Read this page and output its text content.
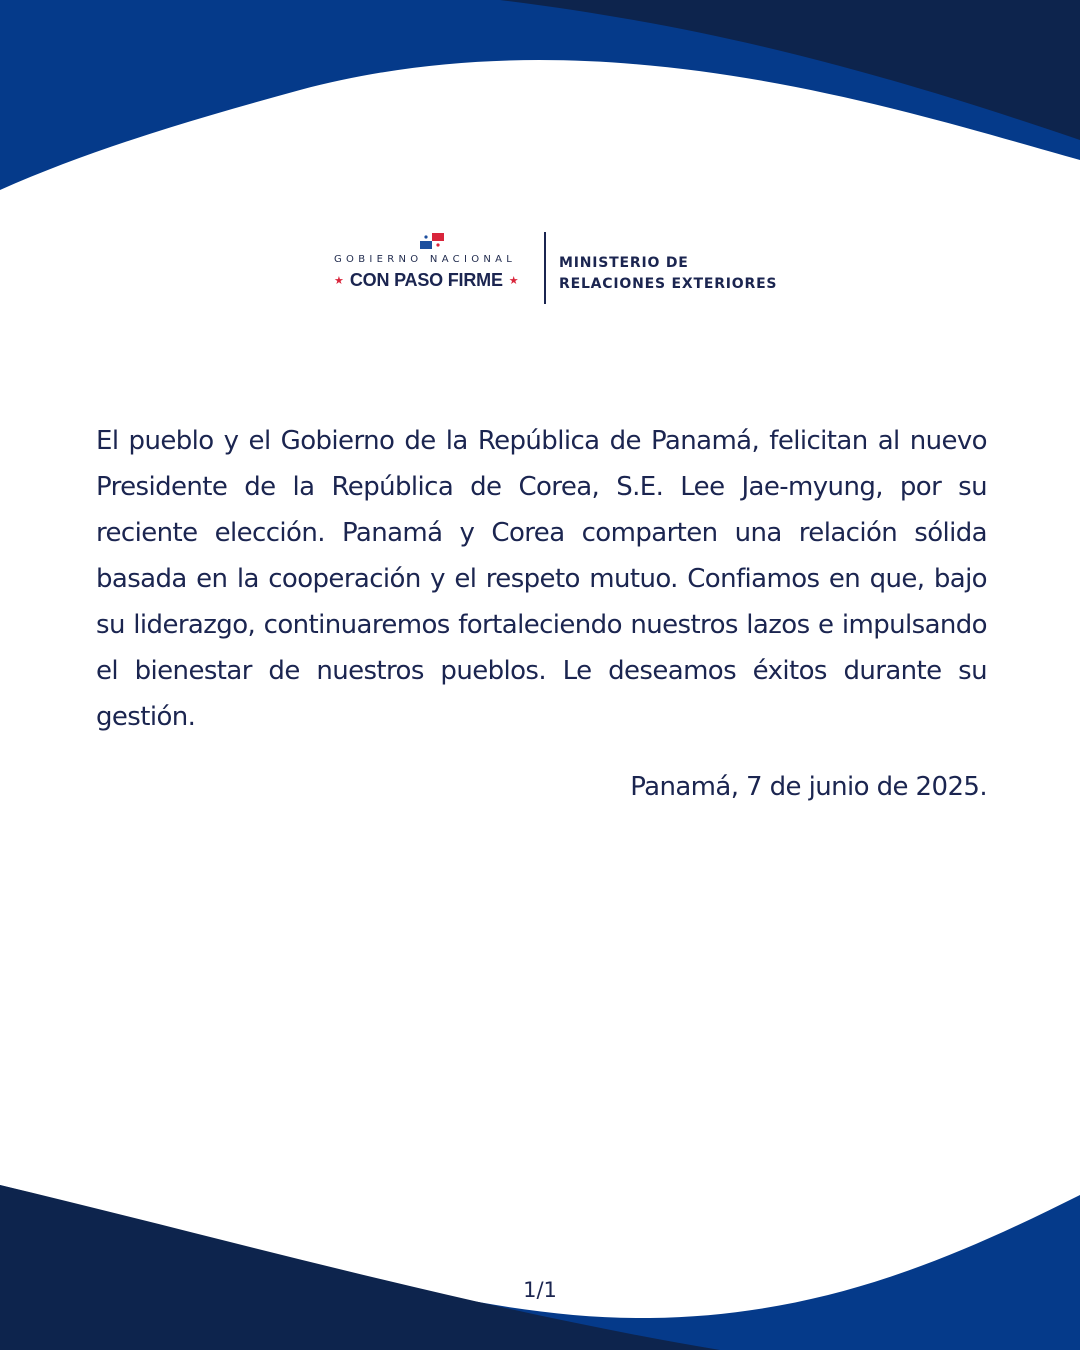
GOBIERNO NACIONAL
★ CON PASO FIRME ★
MINISTERIO DE
RELACIONES EXTERIORES

El pueblo y el Gobierno de la República de Panamá, felicitan al nuevo Presidente de la República de Corea, S.E. Lee Jae-myung, por su reciente elección. Panamá y Corea comparten una relación sólida basada en la cooperación y el respeto mutuo. Confiamos en que, bajo su liderazgo, continuaremos fortaleciendo nuestros lazos e impulsando el bienestar de nuestros pueblos. Le deseamos éxitos durante su gestión.

Panamá, 7 de junio de 2025.

1/1
